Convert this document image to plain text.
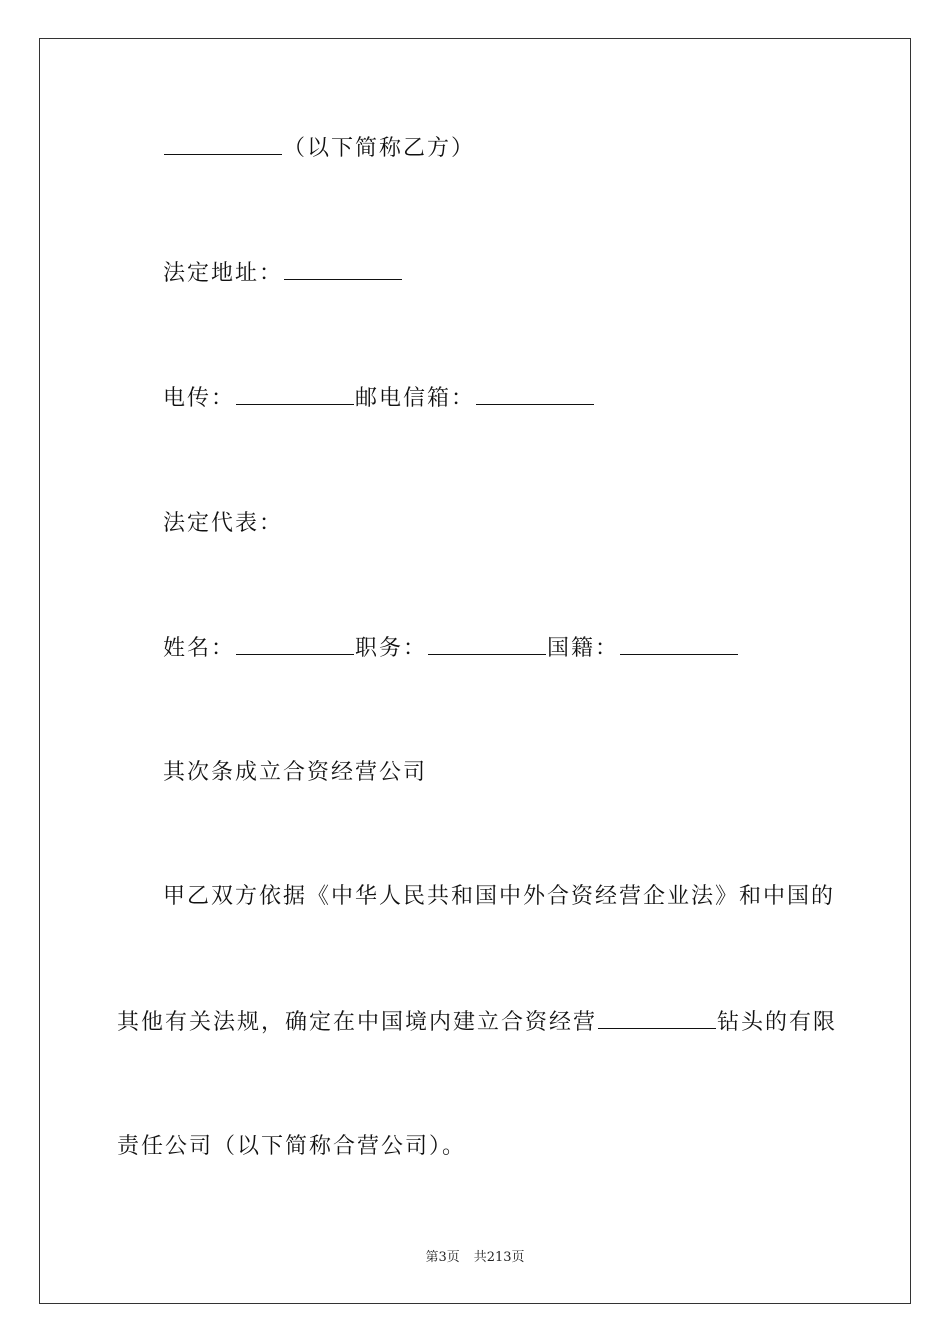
（以下简称乙方）
法定地址：
电传：	邮电信箱：
法定代表：
姓名：	职务：	国籍：
其次条成立合资经营公司
甲乙双方依据《中华人民共和国中外合资经营企业法》和中国的
其他有关法规，确定在中国境内建立合资经营	钻头的有限
责任公司（以下简称合营公司）。
第3页 共213页
